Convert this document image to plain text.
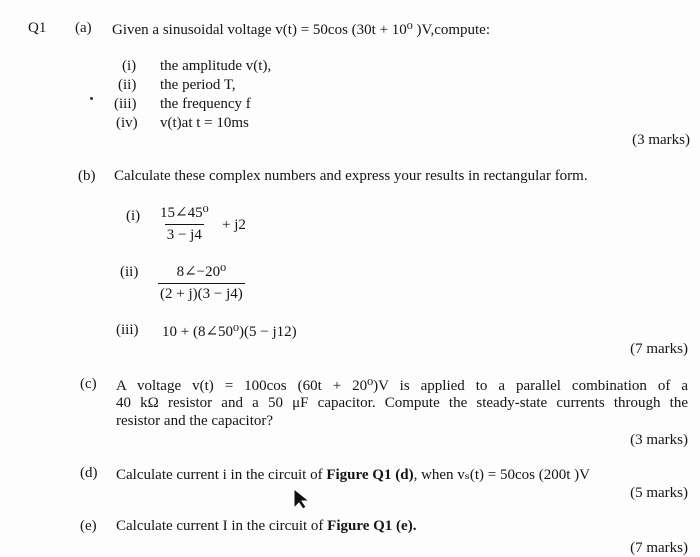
Q1 (a) Given a sinusoidal voltage v(t) = 50cos (30t + 10⁰ )V,compute:
(i) the amplitude v(t),
(ii) the period T,
(iii) the frequency f
(iv) v(t)at t = 10ms
(3 marks)
(b) Calculate these complex numbers and express your results in rectangular form.
$(i) \frac{\text{15∠45⁰}}{3 - j4} + j2$
$(ii) \frac{\text{8∠−20⁰}}{(2 + j)(3 - j4)}$
(iii) 10 + (8∠50⁰)(5 − j12)
(7 marks)
(c) A voltage v(t) = 100cos (60t + 20⁰)V is applied to a parallel combination of a
40 kΩ resistor and a 50 μF capacitor. Compute the steady-state currents through the
resistor and the capacitor?
(3 marks)
(d) Calculate current i in the circuit of Figure Q1 (d), when vₛ(t) = 50cos (200t )V
(5 marks)
(e) Calculate current I in the circuit of Figure Q1 (e).
(7 marks)
